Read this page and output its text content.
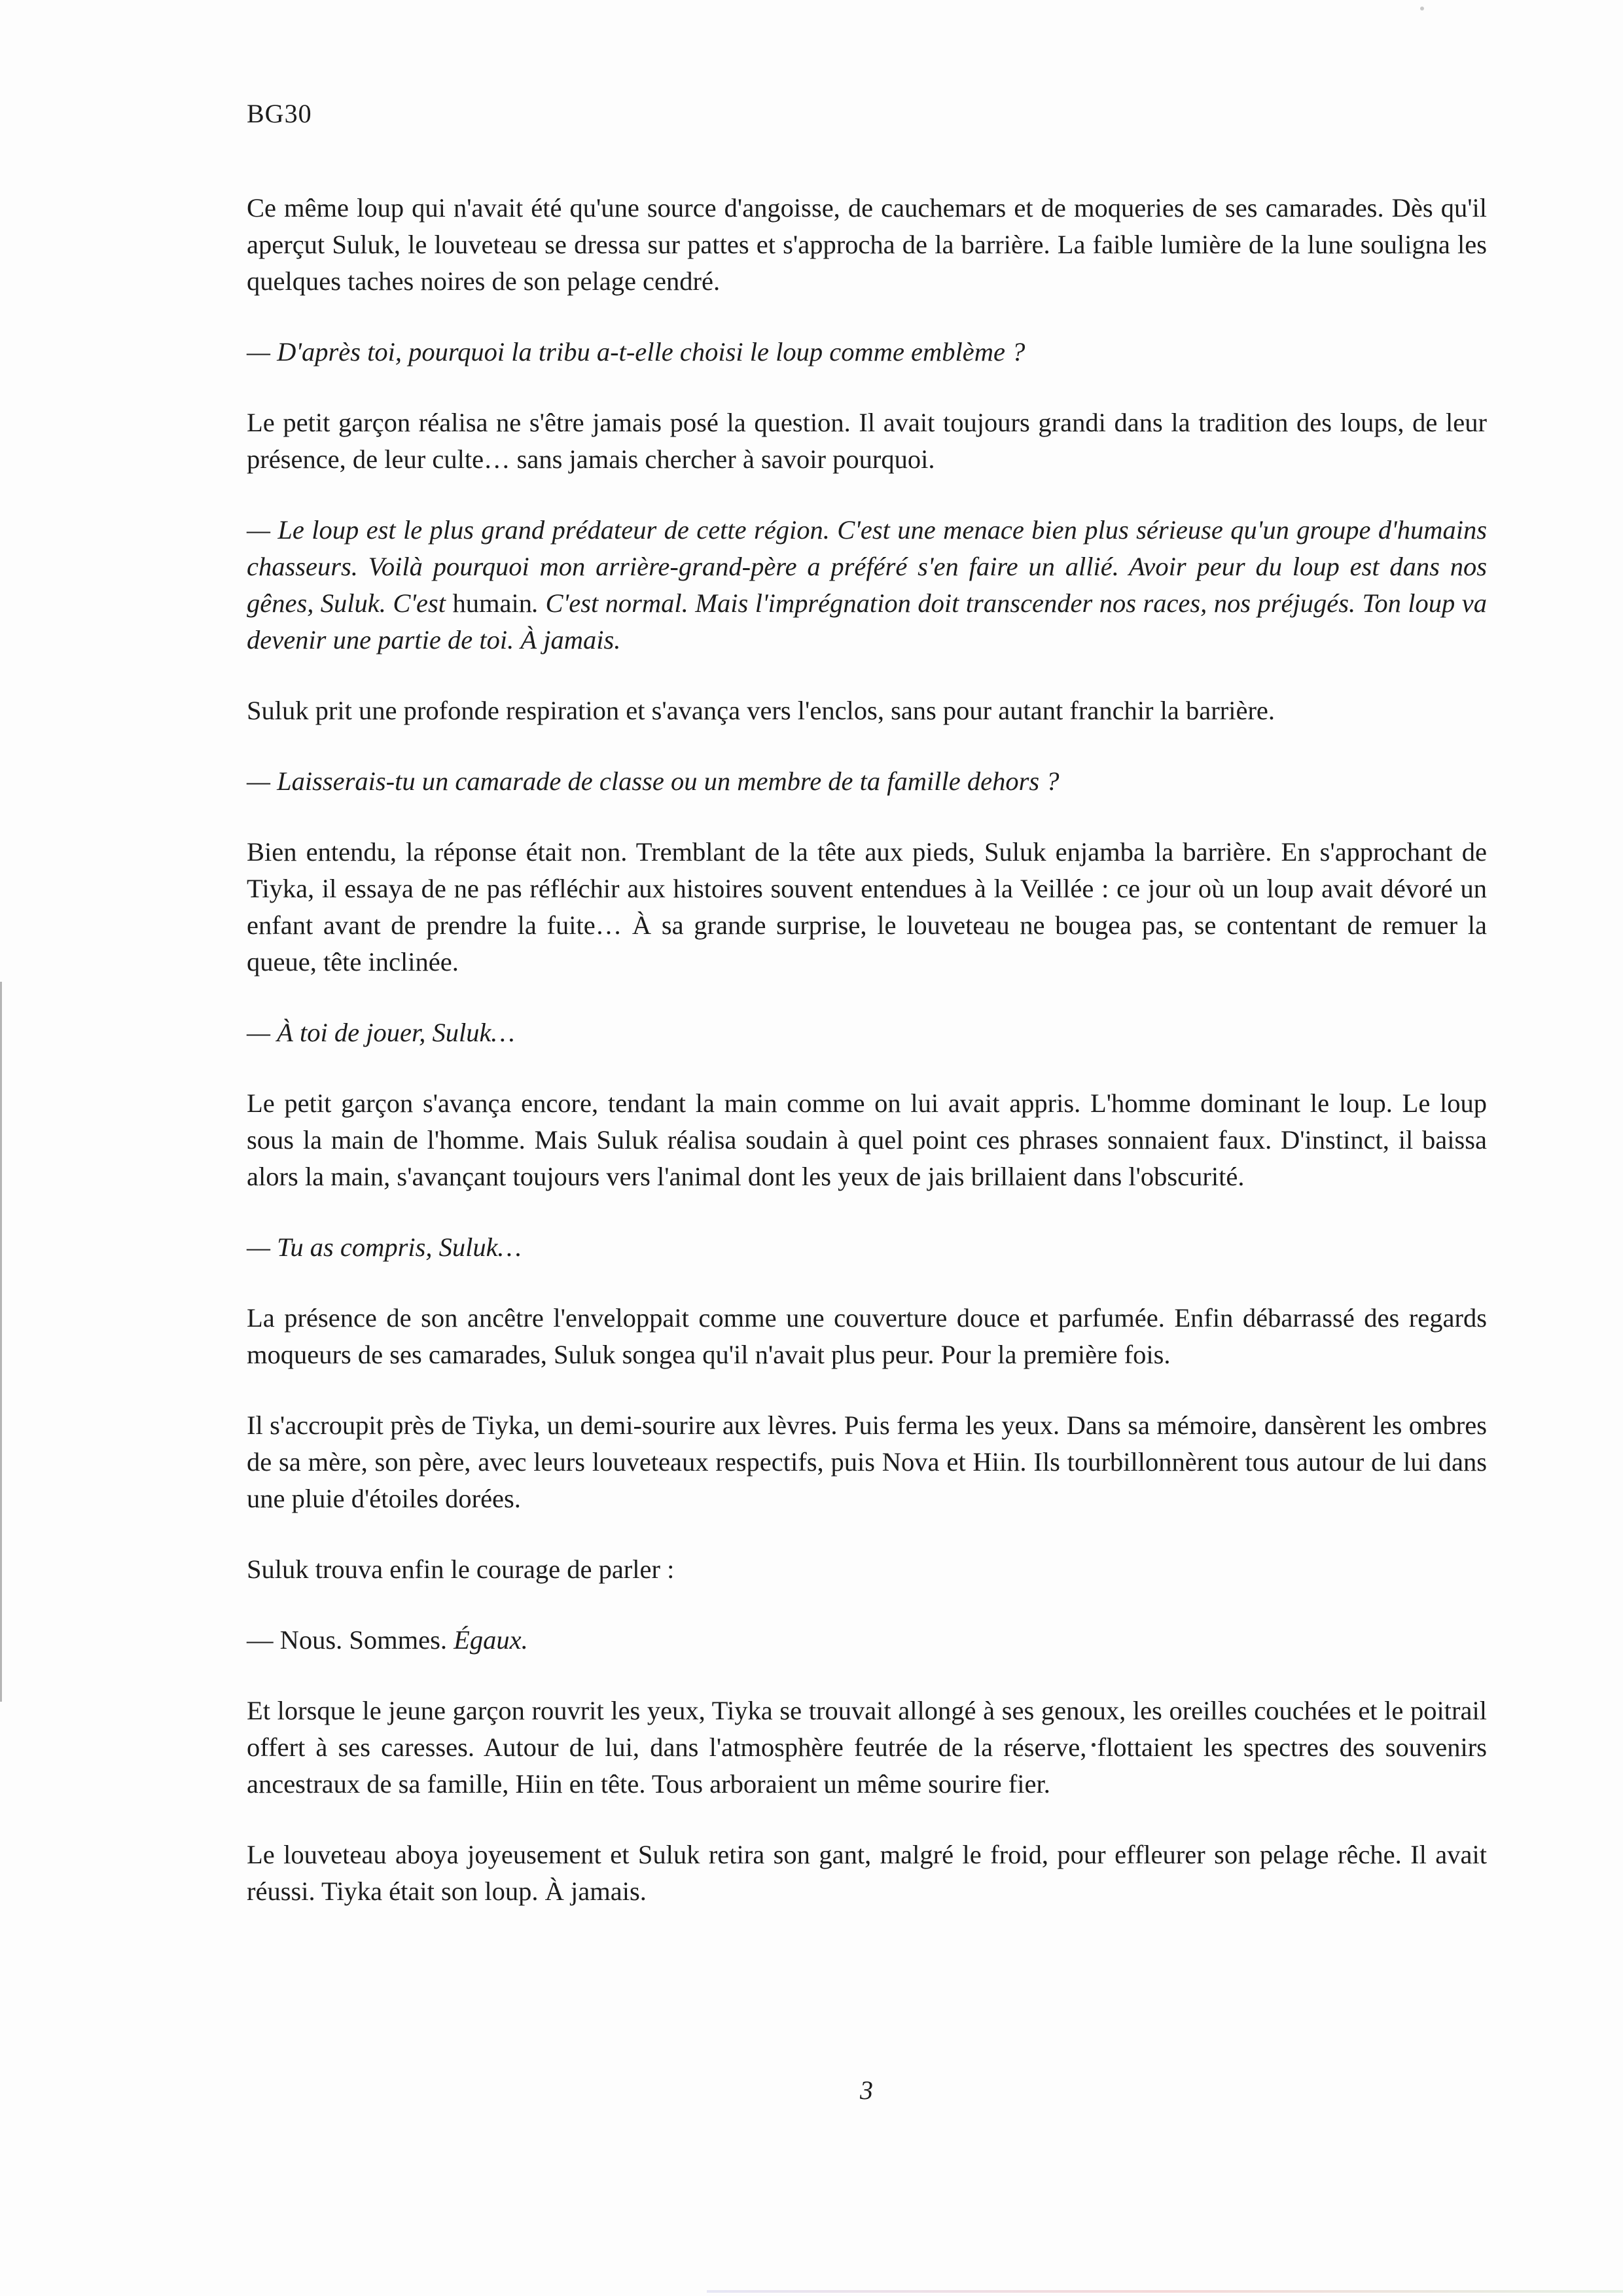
BG30

Ce même loup qui n'avait été qu'une source d'angoisse, de cauchemars et de moqueries de ses camarades. Dès qu'il aperçut Suluk, le louveteau se dressa sur pattes et s'approcha de la barrière. La faible lumière de la lune souligna les quelques taches noires de son pelage cendré.

— D'après toi, pourquoi la tribu a-t-elle choisi le loup comme emblème ?

Le petit garçon réalisa ne s'être jamais posé la question. Il avait toujours grandi dans la tradition des loups, de leur présence, de leur culte… sans jamais chercher à savoir pourquoi.

— Le loup est le plus grand prédateur de cette région. C'est une menace bien plus sérieuse qu'un groupe d'humains chasseurs. Voilà pourquoi mon arrière-grand-père a préféré s'en faire un allié. Avoir peur du loup est dans nos gênes, Suluk. C'est humain. C'est normal. Mais l'imprégnation doit transcender nos races, nos préjugés. Ton loup va devenir une partie de toi. À jamais.

Suluk prit une profonde respiration et s'avança vers l'enclos, sans pour autant franchir la barrière.

— Laisserais-tu un camarade de classe ou un membre de ta famille dehors ?

Bien entendu, la réponse était non. Tremblant de la tête aux pieds, Suluk enjamba la barrière. En s'approchant de Tiyka, il essaya de ne pas réfléchir aux histoires souvent entendues à la Veillée : ce jour où un loup avait dévoré un enfant avant de prendre la fuite… À sa grande surprise, le louveteau ne bougea pas, se contentant de remuer la queue, tête inclinée.

— À toi de jouer, Suluk…

Le petit garçon s'avança encore, tendant la main comme on lui avait appris. L'homme dominant le loup. Le loup sous la main de l'homme. Mais Suluk réalisa soudain à quel point ces phrases sonnaient faux. D'instinct, il baissa alors la main, s'avançant toujours vers l'animal dont les yeux de jais brillaient dans l'obscurité.

— Tu as compris, Suluk…

La présence de son ancêtre l'enveloppait comme une couverture douce et parfumée. Enfin débarrassé des regards moqueurs de ses camarades, Suluk songea qu'il n'avait plus peur. Pour la première fois.

Il s'accroupit près de Tiyka, un demi-sourire aux lèvres. Puis ferma les yeux. Dans sa mémoire, dansèrent les ombres de sa mère, son père, avec leurs louveteaux respectifs, puis Nova et Hiin. Ils tourbillonnèrent tous autour de lui dans une pluie d'étoiles dorées.

Suluk trouva enfin le courage de parler :

— Nous. Sommes. Égaux.

Et lorsque le jeune garçon rouvrit les yeux, Tiyka se trouvait allongé à ses genoux, les oreilles couchées et le poitrail offert à ses caresses. Autour de lui, dans l'atmosphère feutrée de la réserve, flottaient les spectres des souvenirs ancestraux de sa famille, Hiin en tête. Tous arboraient un même sourire fier.

Le louveteau aboya joyeusement et Suluk retira son gant, malgré le froid, pour effleurer son pelage rêche. Il avait réussi. Tiyka était son loup. À jamais.

3
